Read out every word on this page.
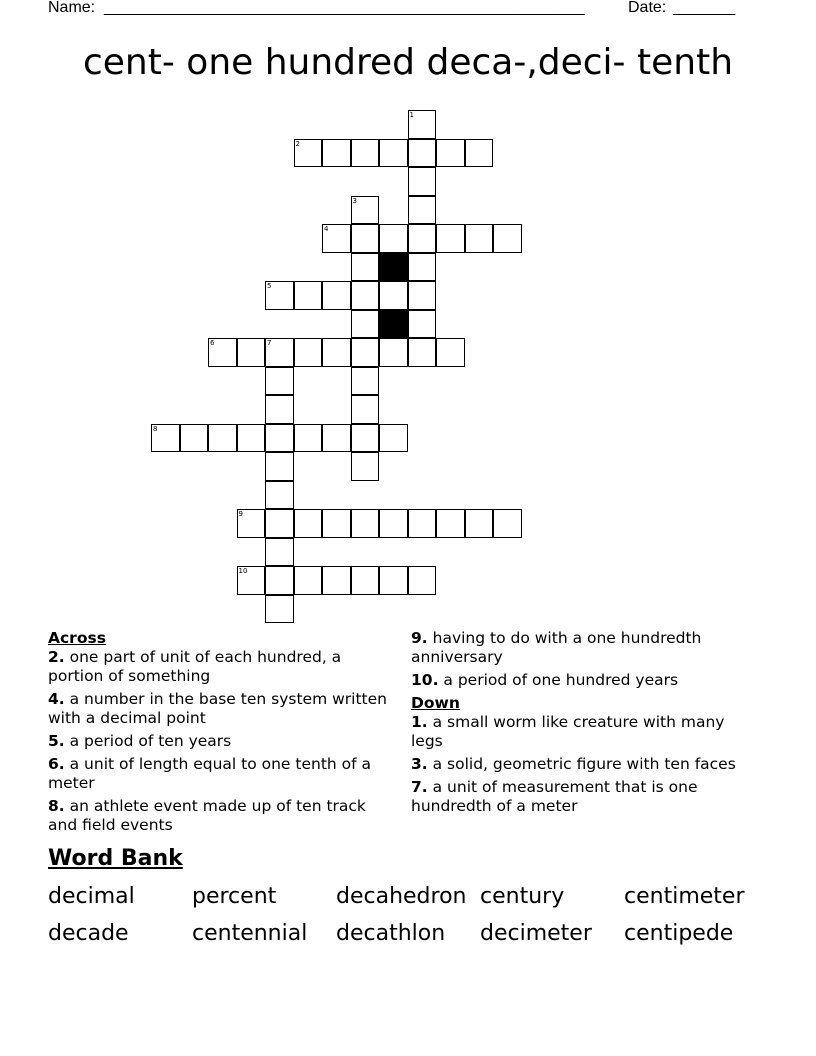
Name: ______________________________________________________	Date: _______
cent- one hundred deca-,deci- tenth
1
2
3
4
5
6	7
8
9
10
Across
2. one part of unit of each hundred, a portion of something
4. a number in the base ten system written with a decimal point
5. a period of ten years
6. a unit of length equal to one tenth of a meter
8. an athlete event made up of ten track and field events
9. having to do with a one hundredth anniversary
10. a period of one hundred years
Down
1. a small worm like creature with many legs
3. a solid, geometric figure with ten faces
7. a unit of measurement that is one hundredth of a meter
Word Bank
decimal	percent	decahedron century	centimeter
decade	centennial decathlon decimeter centipede
